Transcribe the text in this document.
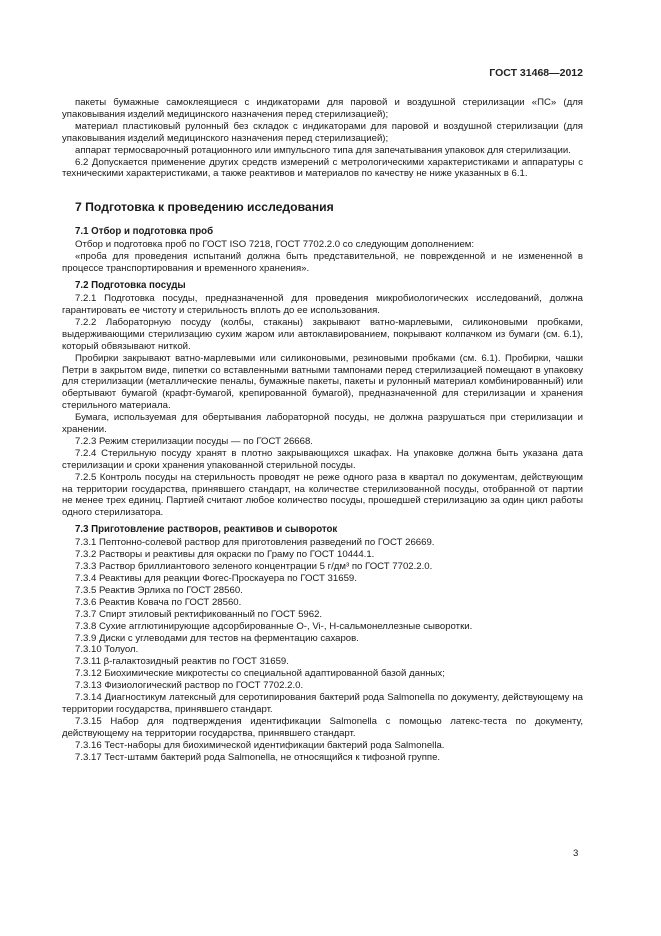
ГОСТ 31468—2012

пакеты бумажные самоклеящиеся с индикаторами для паровой и воздушной стерилизации «ПС» (для упаковывания изделий медицинского назначения перед стерилизацией);

материал пластиковый рулонный без складок с индикаторами для паровой и воздушной стерилизации (для упаковывания изделий медицинского назначения перед стерилизацией);

аппарат термосварочный ротационного или импульсного типа для запечатывания упаковок для стерилизации.

6.2 Допускается применение других средств измерений с метрологическими характеристиками и аппаратуры с техническими характеристиками, а также реактивов и материалов по качеству не ниже указанных в 6.1.

7 Подготовка к проведению исследования
7.1 Отбор и подготовка проб

Отбор и подготовка проб по ГОСТ ISO 7218, ГОСТ 7702.2.0 со следующим дополнением:

«проба для проведения испытаний должна быть представительной, не поврежденной и не измененной в процессе транспортирования и временного хранения».

7.2 Подготовка посуды

7.2.1 Подготовка посуды, предназначенной для проведения микробиологических исследований, должна гарантировать ее чистоту и стерильность вплоть до ее использования.

7.2.2 Лабораторную посуду (колбы, стаканы) закрывают ватно-марлевыми, силиконовыми пробками, выдерживающими стерилизацию сухим жаром или автоклавированием, покрывают колпачком из бумаги (см. 6.1), который обвязывают ниткой.

Пробирки закрывают ватно-марлевыми или силиконовыми, резиновыми пробками (см. 6.1). Пробирки, чашки Петри в закрытом виде, пипетки со вставленными ватными тампонами перед стерилизацией помещают в упаковку для стерилизации (металлические пеналы, бумажные пакеты, пакеты и рулонный материал комбинированный) или обертывают бумагой (крафт-бумагой, крепированной бумагой), предназначенной для стерилизации и хранения стерильного материала.

Бумага, используемая для обертывания лабораторной посуды, не должна разрушаться при стерилизации и хранении.

7.2.3 Режим стерилизации посуды — по ГОСТ 26668.

7.2.4 Стерильную посуду хранят в плотно закрывающихся шкафах. На упаковке должна быть указана дата стерилизации и сроки хранения упакованной стерильной посуды.

7.2.5 Контроль посуды на стерильность проводят не реже одного раза в квартал по документам, действующим на территории государства, принявшего стандарт, на количестве стерилизованной посуды, отобранной от партии не менее трех единиц. Партией считают любое количество посуды, прошедшей стерилизацию за один цикл работы одного стерилизатора.

7.3 Приготовление растворов, реактивов и сывороток

7.3.1 Пептонно-солевой раствор для приготовления разведений по ГОСТ 26669.

7.3.2 Растворы и реактивы для окраски по Граму по ГОСТ 10444.1.

7.3.3 Раствор бриллиантового зеленого концентрации 5 г/дм³ по ГОСТ 7702.2.0.

7.3.4 Реактивы для реакции Фогес-Проскауера по ГОСТ 31659.

7.3.5 Реактив Эрлиха по ГОСТ 28560.

7.3.6 Реактив Ковача по ГОСТ 28560.

7.3.7 Спирт этиловый ректификованный по ГОСТ 5962.

7.3.8 Сухие агглютинирующие адсорбированные О-, Vi-, Н-сальмонеллезные сыворотки.

7.3.9 Диски с углеводами для тестов на ферментацию сахаров.

7.3.10 Толуол.

7.3.11 β-галактозидный реактив по ГОСТ 31659.

7.3.12 Биохимические микротесты со специальной адаптированной базой данных;

7.3.13 Физиологический раствор по ГОСТ 7702.2.0.

7.3.14 Диагностикум латексный для серотипирования бактерий рода Salmonella по документу, действующему на территории государства, принявшего стандарт.

7.3.15 Набор для подтверждения идентификации Salmonella с помощью латекс-теста по документу, действующему на территории государства, принявшего стандарт.

7.3.16 Тест-наборы для биохимической идентификации бактерий рода Salmonella.

7.3.17 Тест-штамм бактерий рода Salmonella, не относящийся к тифозной группе.

3
